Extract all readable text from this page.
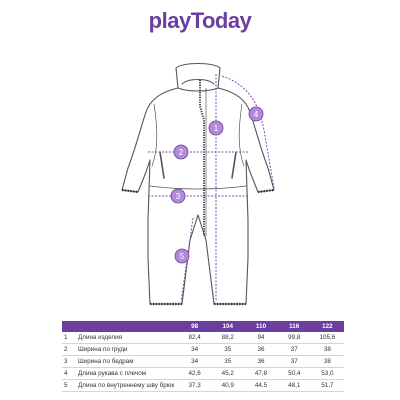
playToday
1
2
3
4
5
98	104	110	116	122
1	Длина изделия	82,4	88,2	94	99,8	105,6
2	Ширина по груди	34	35	36	37	38
3	Ширина по бедрам	34	35	36	37	38
4	Длина рукава с плечом	42,6	45,2	47,8	50,4	53,0
5	Длина по внутреннему шву брюк	37,3	40,9	44,5	48,1	51,7
